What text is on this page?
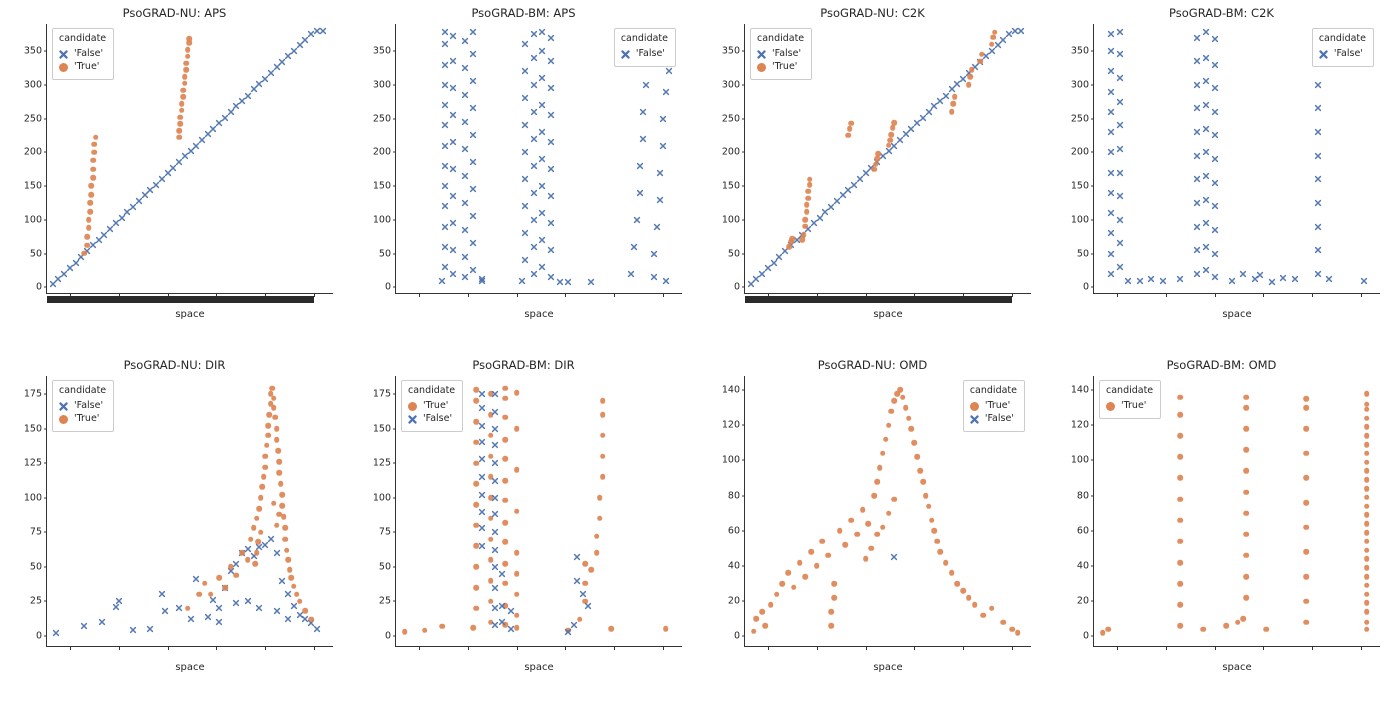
PsoGRAD-NU: APS
0
50
100
150
200
250
300
350
space
candidate
'False'
'True'
PsoGRAD-BM: APS
0
50
100
150
200
250
300
350
space
candidate
'False'
PsoGRAD-NU: C2K
0
50
100
150
200
250
300
350
space
candidate
'False'
'True'
PsoGRAD-BM: C2K
0
50
100
150
200
250
300
350
space
candidate
'False'
PsoGRAD-NU: DIR
0
25
50
75
100
125
150
175
space
candidate
'False'
'True'
PsoGRAD-BM: DIR
0
25
50
75
100
125
150
175
space
candidate
'True'
'False'
PsoGRAD-NU: OMD
0
20
40
60
80
100
120
140
space
candidate
'True'
'False'
PsoGRAD-BM: OMD
0
20
40
60
80
100
120
140
space
candidate
'True'
